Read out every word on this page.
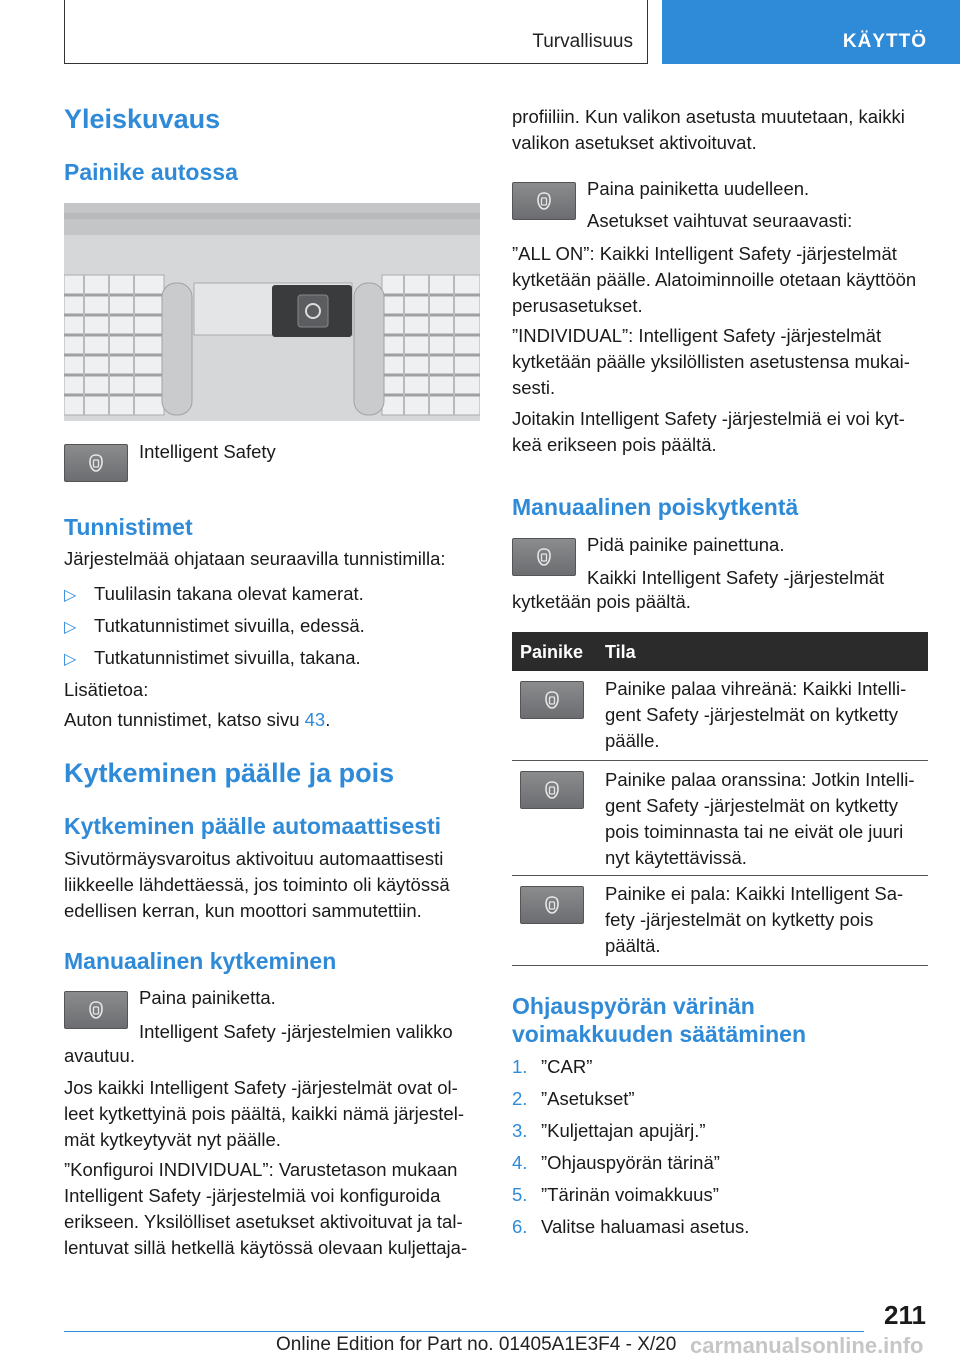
Turvallisuus	KÄYTTÖ
Yleiskuvaus
Painike autossa
Intelligent Safety
Tunnistimet
Järjestelmää ohjataan seuraavilla tunnistimilla:
▷ Tuulilasin takana olevat kamerat.
▷ Tutkatunnistimet sivuilla, edessä.
▷ Tutkatunnistimet sivuilla, takana.
Lisätietoa:
Auton tunnistimet, katso sivu 43.
Kytkeminen päälle ja pois
Kytkeminen päälle automaattisesti
Sivutörmäysvaroitus aktivoituu automaattisesti
liikkeelle lähdettäessä, jos toiminto oli käytössä
edellisen kerran, kun moottori sammutettiin.
Manuaalinen kytkeminen
Paina painiketta.
Intelligent Safety -järjestelmien valikko
avautuu.
Jos kaikki Intelligent Safety -järjestelmät ovat ol-
leet kytkettyinä pois päältä, kaikki nämä järjestel-
mät kytkeytyvät nyt päälle.
”Konfiguroi INDIVIDUAL”: Varustetason mukaan
Intelligent Safety -järjestelmiä voi konfiguroida
erikseen. Yksilölliset asetukset aktivoituvat ja tal-
lentuvat sillä hetkellä käytössä olevaan kuljettaja-
profiiliin. Kun valikon asetusta muutetaan, kaikki
valikon asetukset aktivoituvat.
Paina painiketta uudelleen.
Asetukset vaihtuvat seuraavasti:
”ALL ON”: Kaikki Intelligent Safety -järjestelmät
kytketään päälle. Alatoiminnoille otetaan käyttöön
perusasetukset.
”INDIVIDUAL”: Intelligent Safety -järjestelmät
kytketään päälle yksilöllisten asetustensa mukai-
sesti.
Joitakin Intelligent Safety -järjestelmiä ei voi kyt-
keä erikseen pois päältä.
Manuaalinen poiskytkentä
Pidä painike painettuna.
Kaikki Intelligent Safety -järjestelmät
kytketään pois päältä.
Painike Tila
Painike palaa vihreänä: Kaikki Intelli-
gent Safety -järjestelmät on kytketty
päälle.
Painike palaa oranssina: Jotkin Intelli-
gent Safety -järjestelmät on kytketty
pois toiminnasta tai ne eivät ole juuri
nyt käytettävissä.
Painike ei pala: Kaikki Intelligent Sa-
fety -järjestelmät on kytketty pois
päältä.
Ohjauspyörän värinän
voimakkuuden säätäminen
1. ”CAR”
2. ”Asetukset”
3. ”Kuljettajan apujärj.”
4. ”Ohjauspyörän tärinä”
5. ”Tärinän voimakkuus”
6. Valitse haluamasi asetus.
211
Online Edition for Part no. 01405A1E3F4 - X/20 carmanualsonline.info
